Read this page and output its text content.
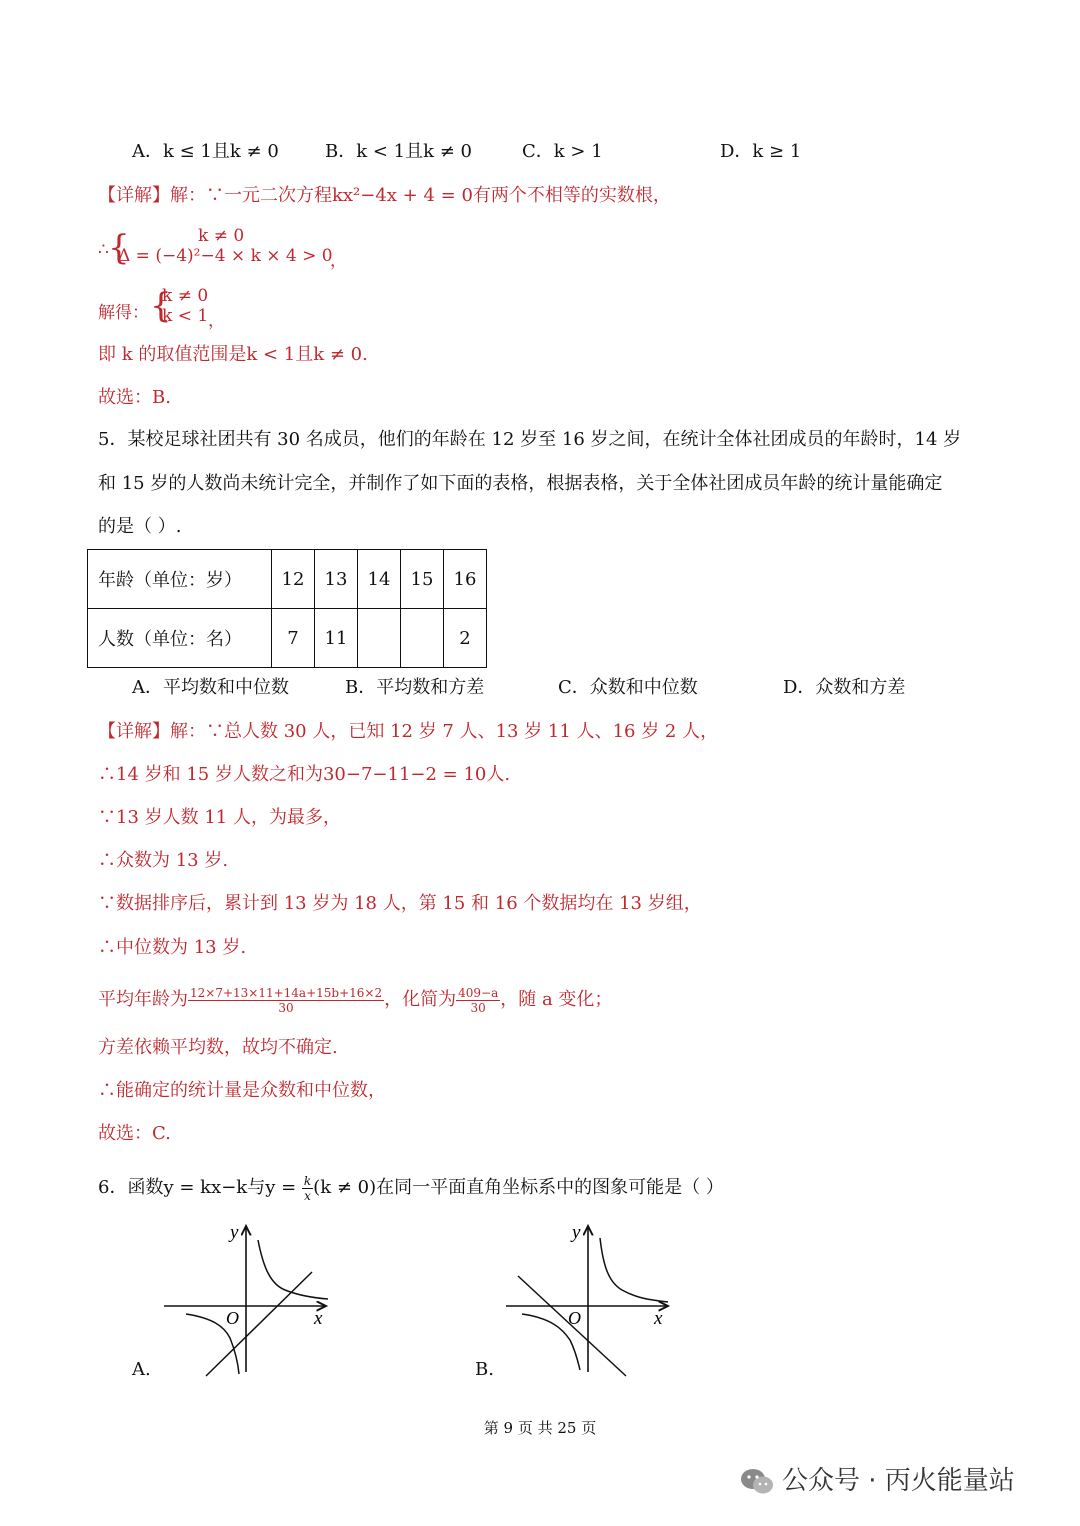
A．k ≤ 1且k ≠ 0	B．k < 1且k ≠ 0	C．k > 1	D．k ≥ 1
【详解】解：∵一元二次方程kx²−4x + 4 = 0有两个不相等的实数根，
∴ {	k ≠ 0
Δ = (−4)²−4 × k × 4 > 0
，
解得： {
k ≠ 0
k < 1 ，
即 k 的取值范围是k < 1且k ≠ 0.
故选：B.
5．某校足球社团共有 30 名成员，他们的年龄在 12 岁至 16 岁之间，在统计全体社团成员的年龄时，14 岁
和 15 岁的人数尚未统计完全，并制作了如下面的表格，根据表格，关于全体社团成员年龄的统计量能确定
的是（ ）.
年龄（单位：岁）	12	13	14	15	16
人数（单位：名）	7	11			2
A．平均数和中位数	B．平均数和方差	C．众数和中位数	D．众数和方差
【详解】解：∵总人数 30 人，已知 12 岁 7 人、13 岁 11 人、16 岁 2 人，
∴14 岁和 15 岁人数之和为30−7−11−2 = 10人.
∵13 岁人数 11 人，为最多，
∴众数为 13 岁.
∵数据排序后，累计到 13 岁为 18 人，第 15 和 16 个数据均在 13 岁组，
∴中位数为 13 岁.
平均年龄为 $\frac{12\times 7+13\times 11+14a+15b+16\times 2}{30}$ ，化简为 $\frac{409-a}{30}$ ，随 a 变化；
方差依赖平均数，故均不确定.
∴能确定的统计量是众数和中位数，
故选：C.
6．函数y = kx−k与$y = \frac{k}{x} (k \ne 0)$在同一平面直角坐标系中的图象可能是（ ）
y
x
O
A.
y
x
O
B.
第 9 页 共 25 页
公众号 · 丙火能量站
